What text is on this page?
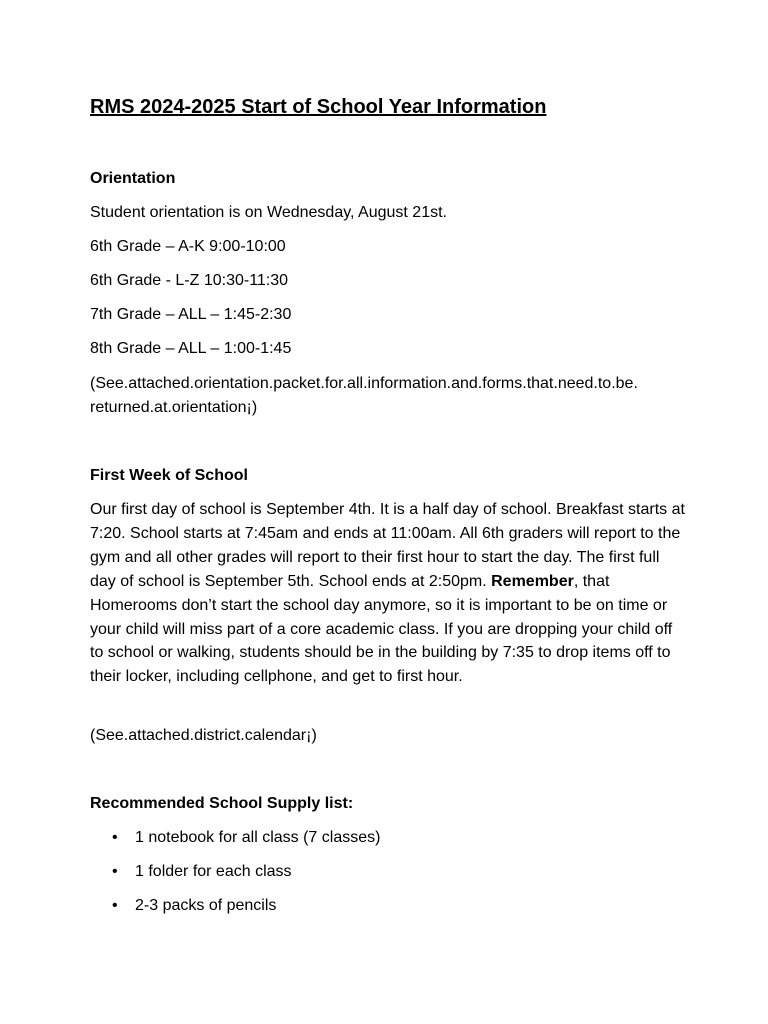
RMS 2024-2025 Start of School Year Information
Orientation
Student orientation is on Wednesday, August 21st.
6th Grade – A-K 9:00-10:00
6th Grade - L-Z 10:30-11:30
7th Grade – ALL – 1:45-2:30
8th Grade – ALL – 1:00-1:45
(See.attached.orientation.packet.for.all.information.and.forms.that.need.to.be.
returned.at.orientation¡)
First Week of School
Our first day of school is September 4th. It is a half day of school. Breakfast starts at 7:20. School starts at 7:45am and ends at 11:00am. All 6th graders will report to the gym and all other grades will report to their first hour to start the day. The first full day of school is September 5th. School ends at 2:50pm. Remember, that Homerooms don’t start the school day anymore, so it is important to be on time or your child will miss part of a core academic class. If you are dropping your child off to school or walking, students should be in the building by 7:35 to drop items off to their locker, including cellphone, and get to first hour.
(See.attached.district.calendar¡)
Recommended School Supply list:
• 1 notebook for all class (7 classes)
• 1 folder for each class
• 2-3 packs of pencils
